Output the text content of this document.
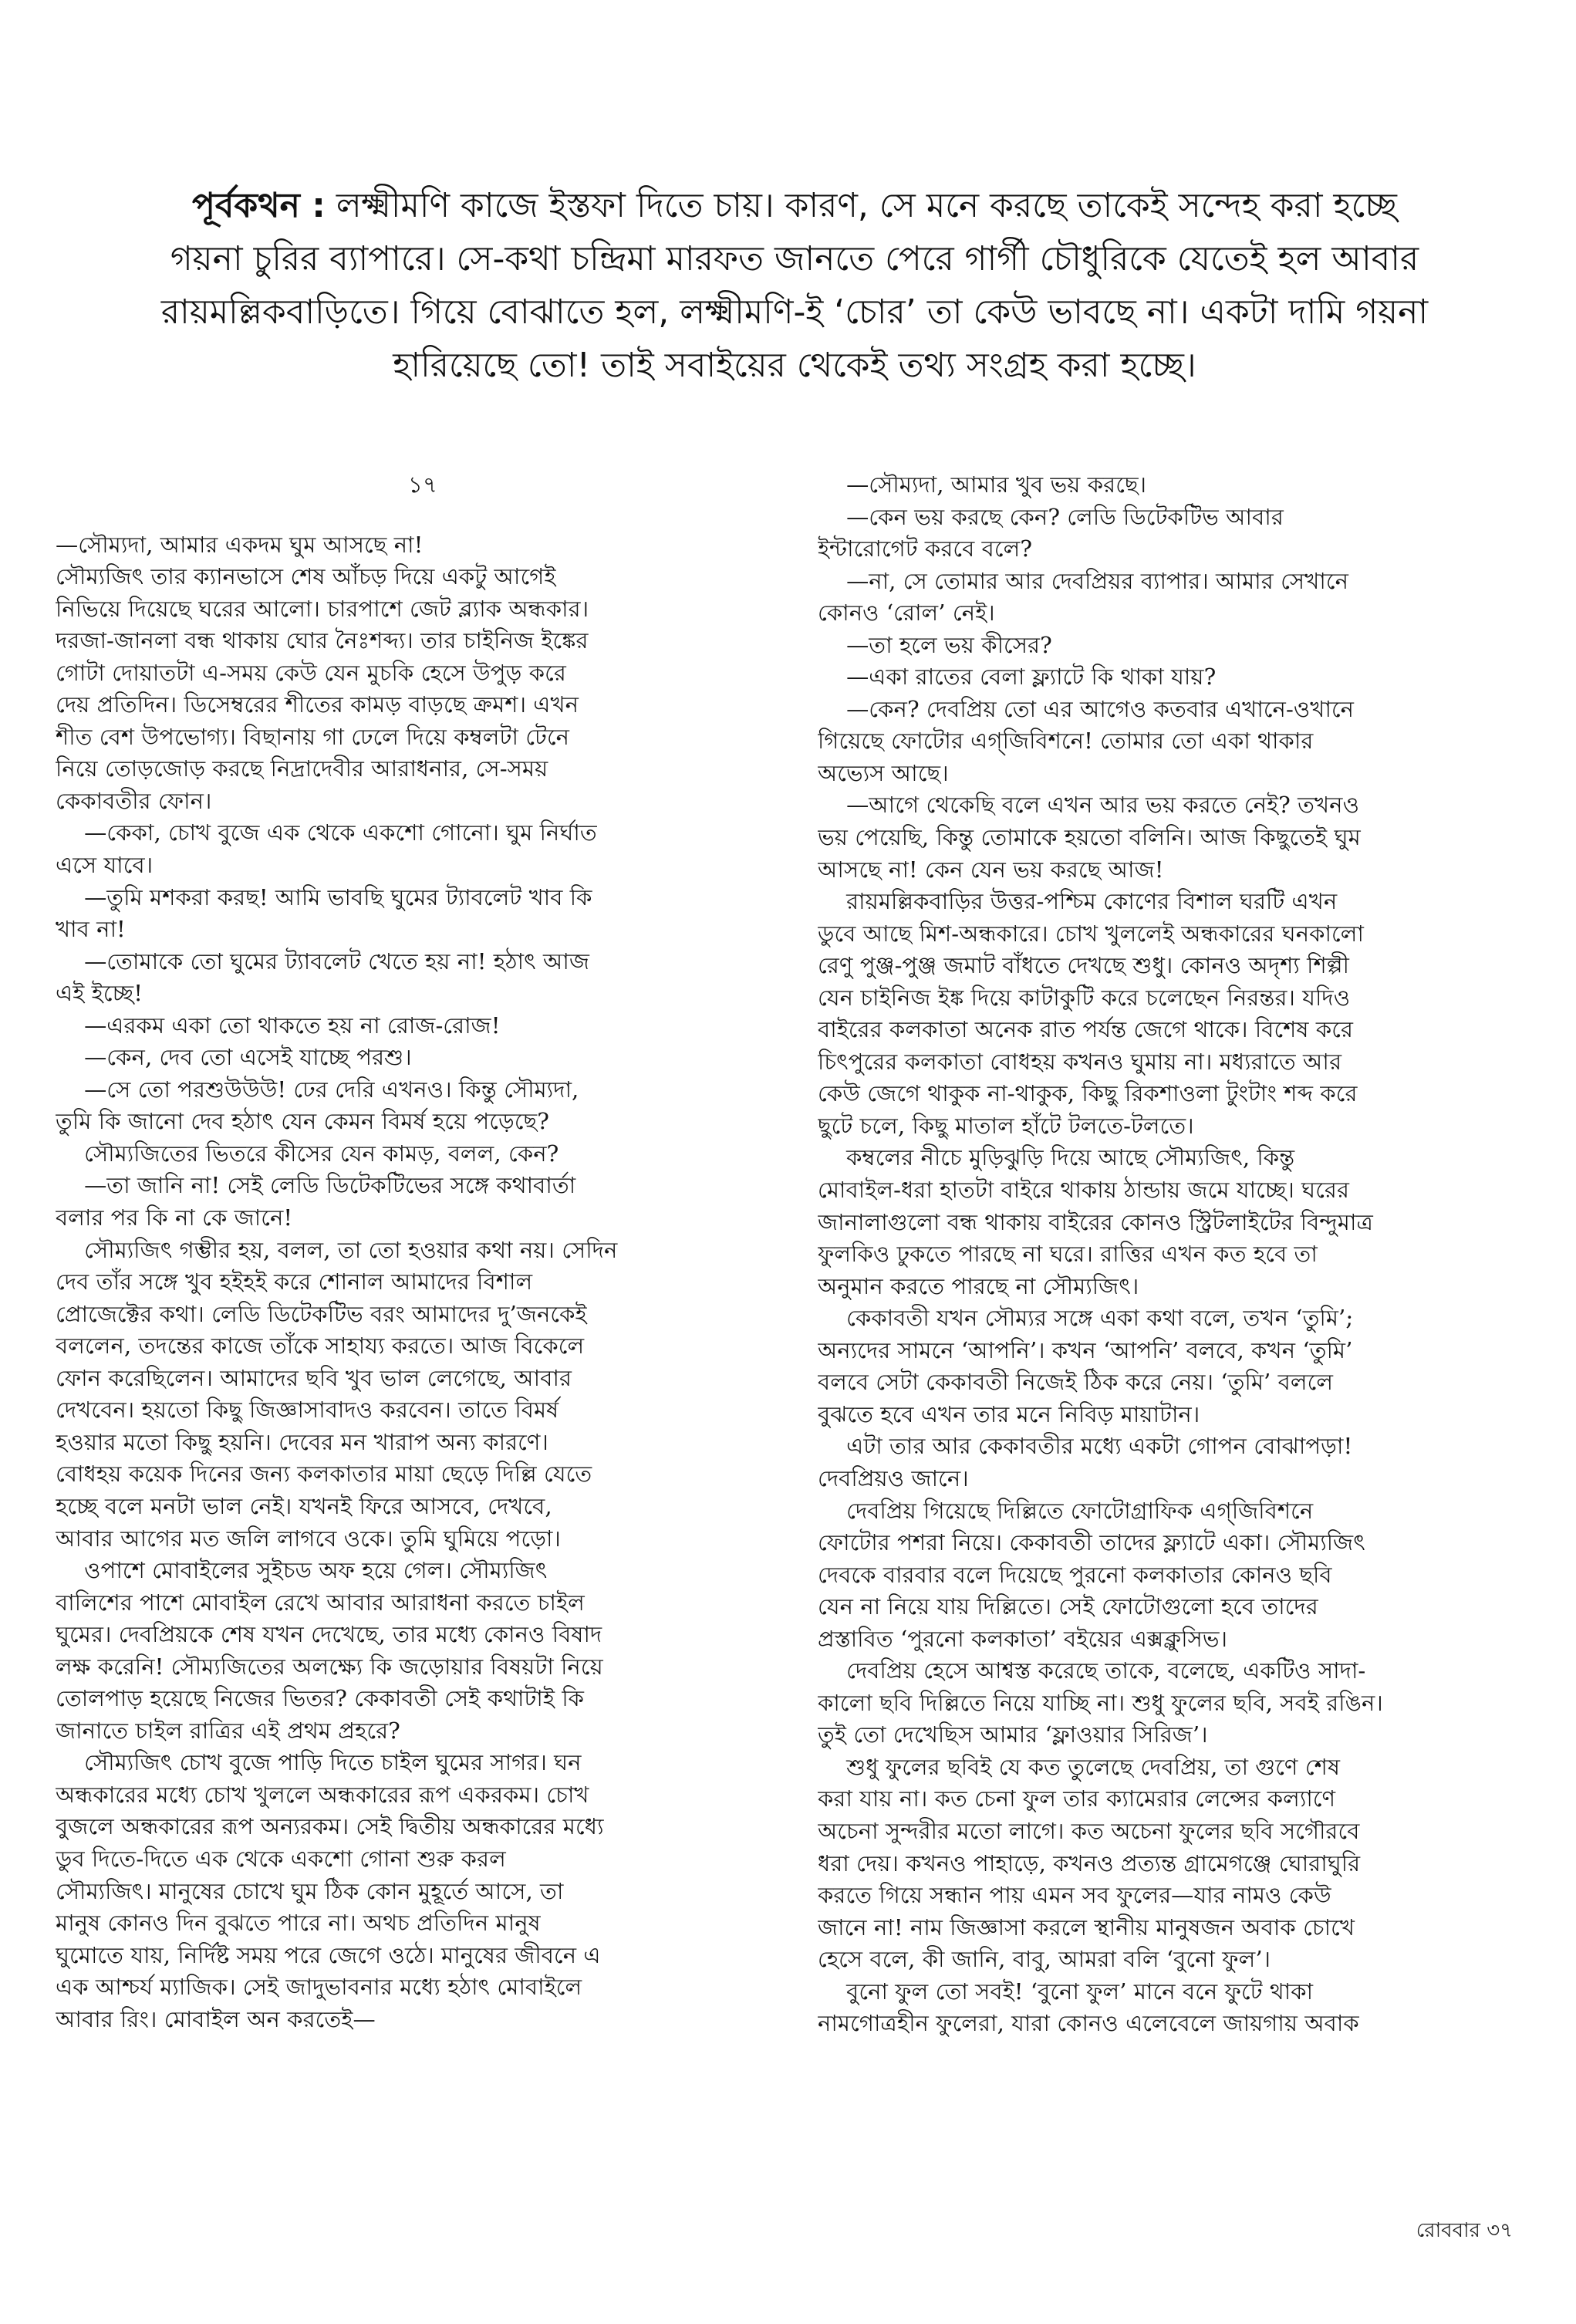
পূর্বকথন : লক্ষ্মীমণি কাজে ইস্তফা দিতে চায়। কারণ, সে মনে করছে তাকেই সন্দেহ করা হচ্ছে গয়না চুরির ব্যাপারে। সে-কথা চন্দ্রিমা মারফত জানতে পেরে গার্গী চৌধুরিকে যেতেই হল আবার রায়মল্লিকবাড়িতে। গিয়ে বোঝাতে হল, লক্ষ্মীমণি-ই ‘চোর’ তা কেউ ভাবছে না। একটা দামি গয়না হারিয়েছে তো! তাই সবাইয়ের থেকেই তথ্য সংগ্রহ করা হচ্ছে।

১৭

—সৌম্যদা, আমার একদম ঘুম আসছে না!

সৌম্যজিৎ তার ক্যানভাসে শেষ আঁচড় দিয়ে একটু আগেই

নিভিয়ে দিয়েছে ঘরের আলো। চারপাশে জেট ব্ল্যাক অন্ধকার।

দরজা-জানলা বন্ধ থাকায় ঘোর নৈঃশব্দ্য। তার চাইনিজ ইঙ্কের

গোটা দোয়াতটা এ-সময় কেউ যেন মুচকি হেসে উপুড় করে

দেয় প্রতিদিন। ডিসেম্বরের শীতের কামড় বাড়ছে ক্রমশ। এখন

শীত বেশ উপভোগ্য। বিছানায় গা ঢেলে দিয়ে কম্বলটা টেনে

নিয়ে তোড়জোড় করছে নিদ্রাদেবীর আরাধনার, সে-সময়

কেকাবতীর ফোন।

—কেকা, চোখ বুজে এক থেকে একশো গোনো। ঘুম নির্ঘাত

এসে যাবে।

—তুমি মশকরা করছ! আমি ভাবছি ঘুমের ট্যাবলেট খাব কি

খাব না!

—তোমাকে তো ঘুমের ট্যাবলেট খেতে হয় না! হঠাৎ আজ

এই ইচ্ছে!

—এরকম একা তো থাকতে হয় না রোজ-রোজ!

—কেন, দেব তো এসেই যাচ্ছে পরশু।

—সে তো পরশুউউউ! ঢের দেরি এখনও। কিন্তু সৌম্যদা,

তুমি কি জানো দেব হঠাৎ যেন কেমন বিমর্ষ হয়ে পড়েছে?

সৌম্যজিতের ভিতরে কীসের যেন কামড়, বলল, কেন?

—তা জানি না! সেই লেডি ডিটেকটিভের সঙ্গে কথাবার্তা

বলার পর কি না কে জানে!

সৌম্যজিৎ গম্ভীর হয়, বলল, তা তো হওয়ার কথা নয়। সেদিন

দেব তাঁর সঙ্গে খুব হইহই করে শোনাল আমাদের বিশাল

প্রোজেক্টের কথা। লেডি ডিটেকটিভ বরং আমাদের দু’জনকেই

বললেন, তদন্তের কাজে তাঁকে সাহায্য করতে। আজ বিকেলে

ফোন করেছিলেন। আমাদের ছবি খুব ভাল লেগেছে, আবার

দেখবেন। হয়তো কিছু জিজ্ঞাসাবাদও করবেন। তাতে বিমর্ষ

হওয়ার মতো কিছু হয়নি। দেবের মন খারাপ অন্য কারণে।

বোধহয় কয়েক দিনের জন্য কলকাতার মায়া ছেড়ে দিল্লি যেতে

হচ্ছে বলে মনটা ভাল নেই। যখনই ফিরে আসবে, দেখবে,

আবার আগের মত জলি লাগবে ওকে। তুমি ঘুমিয়ে পড়ো।

ওপাশে মোবাইলের সুইচড অফ হয়ে গেল। সৌম্যজিৎ

বালিশের পাশে মোবাইল রেখে আবার আরাধনা করতে চাইল

ঘুমের। দেবপ্রিয়কে শেষ যখন দেখেছে, তার মধ্যে কোনও বিষাদ

লক্ষ করেনি! সৌম্যজিতের অলক্ষ্যে কি জড়োয়ার বিষয়টা নিয়ে

তোলপাড় হয়েছে নিজের ভিতর? কেকাবতী সেই কথাটাই কি

জানাতে চাইল রাত্রির এই প্রথম প্রহরে?

সৌম্যজিৎ চোখ বুজে পাড়ি দিতে চাইল ঘুমের সাগর। ঘন

অন্ধকারের মধ্যে চোখ খুললে অন্ধকারের রূপ একরকম। চোখ

বুজলে অন্ধকারের রূপ অন্যরকম। সেই দ্বিতীয় অন্ধকারের মধ্যে

ডুব দিতে-দিতে এক থেকে একশো গোনা শুরু করল

সৌম্যজিৎ। মানুষের চোখে ঘুম ঠিক কোন মুহূর্তে আসে, তা

মানুষ কোনও দিন বুঝতে পারে না। অথচ প্রতিদিন মানুষ

ঘুমোতে যায়, নির্দিষ্ট সময় পরে জেগে ওঠে। মানুষের জীবনে এ

এক আশ্চর্য ম্যাজিক। সেই জাদুভাবনার মধ্যে হঠাৎ মোবাইলে

আবার রিং। মোবাইল অন করতেই—

—সৌম্যদা, আমার খুব ভয় করছে।

—কেন ভয় করছে কেন? লেডি ডিটেকটিভ আবার

ইন্টারোগেট করবে বলে?

—না, সে তোমার আর দেবপ্রিয়র ব্যাপার। আমার সেখানে

কোনও ‘রোল’ নেই।

—তা হলে ভয় কীসের?

—একা রাতের বেলা ফ্ল্যাটে কি থাকা যায়?

—কেন? দেবপ্রিয় তো এর আগেও কতবার এখানে-ওখানে

গিয়েছে ফোটোর এগ্‌জিবিশনে! তোমার তো একা থাকার

অভ্যেস আছে।

—আগে থেকেছি বলে এখন আর ভয় করতে নেই? তখনও

ভয় পেয়েছি, কিন্তু তোমাকে হয়তো বলিনি। আজ কিছুতেই ঘুম

আসছে না! কেন যেন ভয় করছে আজ!

রায়মল্লিকবাড়ির উত্তর-পশ্চিম কোণের বিশাল ঘরটি এখন

ডুবে আছে মিশ-অন্ধকারে। চোখ খুললেই অন্ধকারের ঘনকালো

রেণু পুঞ্জ-পুঞ্জ জমাট বাঁধতে দেখছে শুধু। কোনও অদৃশ্য শিল্পী

যেন চাইনিজ ইঙ্ক দিয়ে কাটাকুটি করে চলেছেন নিরন্তর। যদিও

বাইরের কলকাতা অনেক রাত পর্যন্ত জেগে থাকে। বিশেষ করে

চিৎপুরের কলকাতা বোধহয় কখনও ঘুমায় না। মধ্যরাতে আর

কেউ জেগে থাকুক না-থাকুক, কিছু রিকশাওলা টুংটাং শব্দ করে

ছুটে চলে, কিছু মাতাল হাঁটে টলতে-টলতে।

কম্বলের নীচে মুড়িঝুড়ি দিয়ে আছে সৌম্যজিৎ, কিন্তু

মোবাইল-ধরা হাতটা বাইরে থাকায় ঠান্ডায় জমে যাচ্ছে। ঘরের

জানালাগুলো বন্ধ থাকায় বাইরের কোনও স্ট্রিটলাইটের বিন্দুমাত্র

ফুলকিও ঢুকতে পারছে না ঘরে। রাত্তির এখন কত হবে তা

অনুমান করতে পারছে না সৌম্যজিৎ।

কেকাবতী যখন সৌম্যর সঙ্গে একা কথা বলে, তখন ‘তুমি’;

অন্যদের সামনে ‘আপনি’। কখন ‘আপনি’ বলবে, কখন ‘তুমি’

বলবে সেটা কেকাবতী নিজেই ঠিক করে নেয়। ‘তুমি’ বললে

বুঝতে হবে এখন তার মনে নিবিড় মায়াটান।

এটা তার আর কেকাবতীর মধ্যে একটা গোপন বোঝাপড়া!

দেবপ্রিয়ও জানে।

দেবপ্রিয় গিয়েছে দিল্লিতে ফোটোগ্রাফিক এগ্‌জিবিশনে

ফোটোর পশরা নিয়ে। কেকাবতী তাদের ফ্ল্যাটে একা। সৌম্যজিৎ

দেবকে বারবার বলে দিয়েছে পুরনো কলকাতার কোনও ছবি

যেন না নিয়ে যায় দিল্লিতে। সেই ফোটোগুলো হবে তাদের

প্রস্তাবিত ‘পুরনো কলকাতা’ বইয়ের এক্সক্লুসিভ।

দেবপ্রিয় হেসে আশ্বস্ত করেছে তাকে, বলেছে, একটিও সাদা-

কালো ছবি দিল্লিতে নিয়ে যাচ্ছি না। শুধু ফুলের ছবি, সবই রঙিন।

তুই তো দেখেছিস আমার ‘ফ্লাওয়ার সিরিজ’।

শুধু ফুলের ছবিই যে কত তুলেছে দেবপ্রিয়, তা গুণে শেষ

করা যায় না। কত চেনা ফুল তার ক্যামেরার লেন্সের কল্যাণে

অচেনা সুন্দরীর মতো লাগে। কত অচেনা ফুলের ছবি সগৌরবে

ধরা দেয়। কখনও পাহাড়ে, কখনও প্রত্যন্ত গ্রামেগঞ্জে ঘোরাঘুরি

করতে গিয়ে সন্ধান পায় এমন সব ফুলের—যার নামও কেউ

জানে না! নাম জিজ্ঞাসা করলে স্থানীয় মানুষজন অবাক চোখে

হেসে বলে, কী জানি, বাবু, আমরা বলি ‘বুনো ফুল’।

বুনো ফুল তো সবই! ‘বুনো ফুল’ মানে বনে ফুটে থাকা

নামগোত্রহীন ফুলেরা, যারা কোনও এলেবেলে জায়গায় অবাক

রোববার ৩৭
